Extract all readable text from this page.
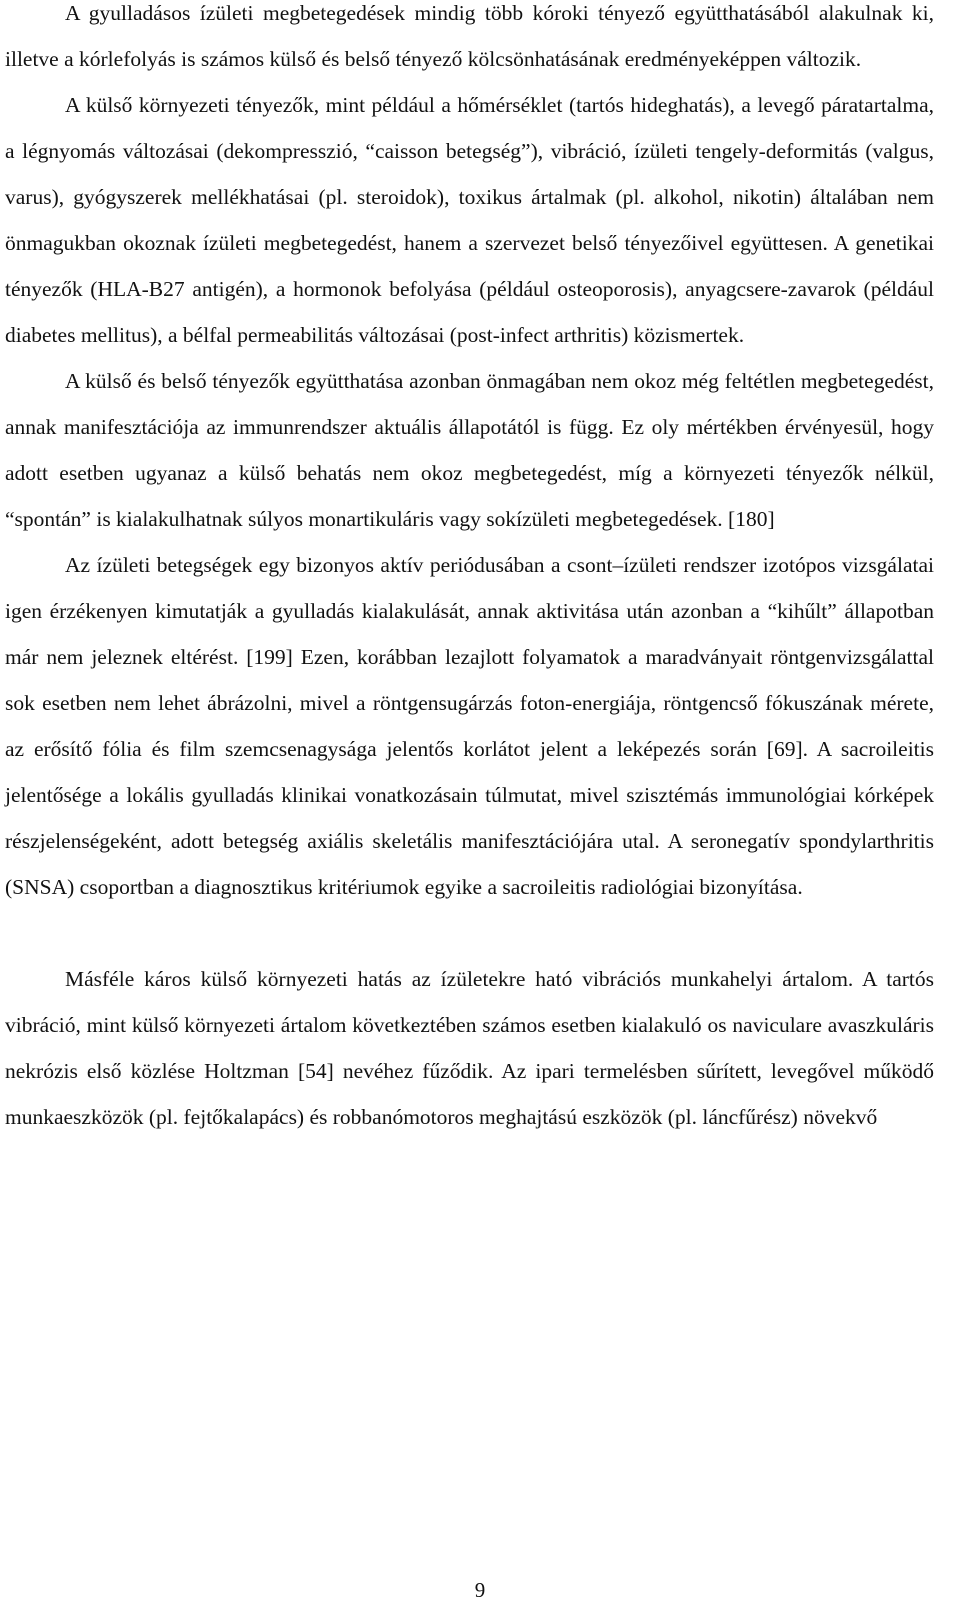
A gyulladásos ízületi megbetegedések mindig több kóroki tényező együtthatásából alakulnak ki, illetve a kórlefolyás is számos külső és belső tényező kölcsönhatásának eredményeképpen változik.

A külső környezeti tényezők, mint például a hőmérséklet (tartós hideghatás), a levegő páratartalma, a légnyomás változásai (dekompresszió, “caisson betegség”), vibráció, ízületi tengely-deformitás (valgus, varus), gyógyszerek mellékhatásai (pl. steroidok), toxikus ártalmak (pl. alkohol, nikotin) általában nem önmagukban okoznak ízületi megbetegedést, hanem a szervezet belső tényezőivel együttesen. A genetikai tényezők (HLA-B27 antigén), a hormonok befolyása (például osteoporosis), anyagcsere-zavarok (például diabetes mellitus), a bélfal permeabilitás változásai (post-infect arthritis) közismertek.

A külső és belső tényezők együtthatása azonban önmagában nem okoz még feltétlen megbetegedést, annak manifesztációja az immunrendszer aktuális állapotától is függ. Ez oly mértékben érvényesül, hogy adott esetben ugyanaz a külső behatás nem okoz megbetegedést, míg a környezeti tényezők nélkül, “spontán” is kialakulhatnak súlyos monartikuláris vagy sokízületi megbetegedések. [180]

Az ízületi betegségek egy bizonyos aktív periódusában a csont–ízületi rendszer izotópos vizsgálatai igen érzékenyen kimutatják a gyulladás kialakulását, annak aktivitása után azonban a “kihűlt” állapotban már nem jeleznek eltérést. [199] Ezen, korábban lezajlott folyamatok a maradványait röntgenvizsgálattal sok esetben nem lehet ábrázolni, mivel a röntgensugárzás foton-energiája, röntgencső fókuszának mérete, az erősítő fólia és film szemcsenagysága jelentős korlátot jelent a leképezés során [69]. A sacroileitis jelentősége a lokális gyulladás klinikai vonatkozásain túlmutat, mivel szisztémás immunológiai kórképek részjelenségeként, adott betegség axiális skeletális manifesztációjára utal. A seronegatív spondylarthritis (SNSA) csoportban a diagnosztikus kritériumok egyike a sacroileitis radiológiai bizonyítása.

Másféle káros külső környezeti hatás az ízületekre ható vibrációs munkahelyi ártalom. A tartós vibráció, mint külső környezeti ártalom következtében számos esetben kialakuló os naviculare avaszkuláris nekrózis első közlése Holtzman [54] nevéhez fűződik. Az ipari termelésben sűrített, levegővel működő munkaeszközök (pl. fejtőkalapács) és robbanómotoros meghajtású eszközök (pl. láncfűrész) növekvő

9
